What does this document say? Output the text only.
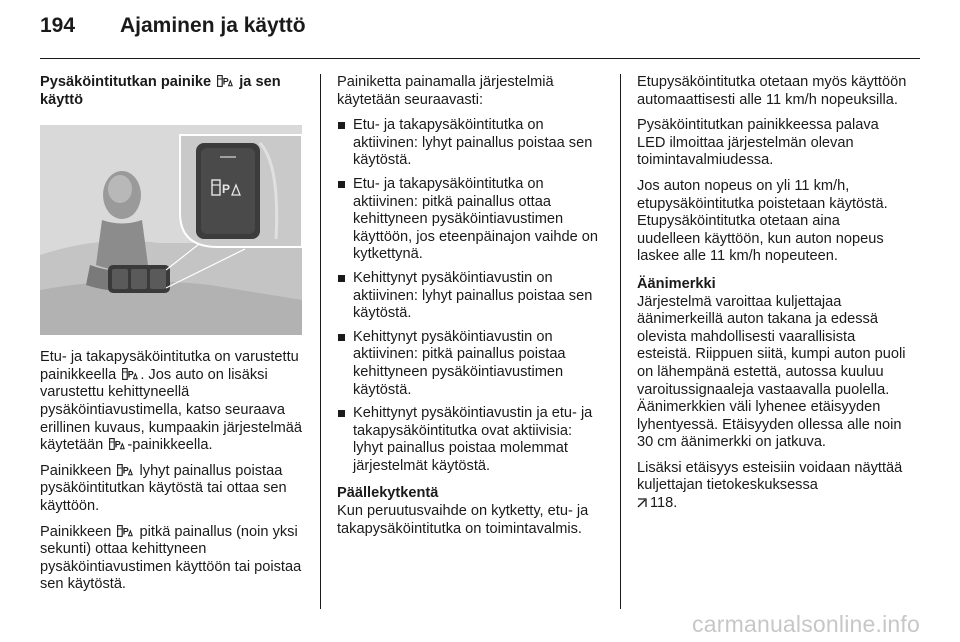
194	Ajaminen ja käyttö
Pysäköintitutkan painike ja sen käyttö
P

Etu- ja takapysäköintitutka on varustettu painikkeella . Jos auto on lisäksi varustettu kehittyneellä pysäköintiavustimella, katso seuraava erillinen kuvaus, kumpaakin järjestelmää käytetään -painikkeella.

Painikkeen lyhyt painallus poistaa pysäköintitutkan käytöstä tai ottaa sen käyttöön.

Painikkeen pitkä painallus (noin yksi sekunti) ottaa kehittyneen pysäköintiavustimen käyttöön tai poistaa sen käytöstä.

Painiketta painamalla järjestelmiä käytetään seuraavasti:

Etu- ja takapysäköintitutka on aktiivinen: lyhyt painallus poistaa sen käytöstä.
Etu- ja takapysäköintitutka on aktiivinen: pitkä painallus ottaa kehittyneen pysäköintiavustimen käyttöön, jos eteenpäinajon vaihde on kytkettynä.
Kehittynyt pysäköintiavustin on aktiivinen: lyhyt painallus poistaa sen käytöstä.
Kehittynyt pysäköintiavustin on aktiivinen: pitkä painallus poistaa kehittyneen pysäköintiavustimen käytöstä.
Kehittynyt pysäköintiavustin ja etu- ja takapysäköintitutka ovat aktiivisia: lyhyt painallus poistaa molemmat järjestelmät käytöstä.
Päällekytkentä

Kun peruutusvaihde on kytketty, etu- ja takapysäköintitutka on toimintavalmis.

Etupysäköintitutka otetaan myös käyttöön automaattisesti alle 11 km/h nopeuksilla.

Pysäköintitutkan painikkeessa palava LED ilmoittaa järjestelmän olevan toimintavalmiudessa.

Jos auton nopeus on yli 11 km/h, etupysäköintitutka poistetaan käytöstä. Etupysäköintitutka otetaan aina uudelleen käyttöön, kun auton nopeus laskee alle 11 km/h nopeuteen.

Äänimerkki

Järjestelmä varoittaa kuljettajaa äänimerkeillä auton takana ja edessä olevista mahdollisesti vaarallisista esteistä. Riippuen siitä, kumpi auton puoli on lähempänä estettä, autossa kuuluu varoitussignaaleja vastaavalla puolella. Äänimerkkien väli lyhenee etäisyyden lyhentyessä. Etäisyyden ollessa alle noin 30 cm äänimerkki on jatkuva.

Lisäksi etäisyys esteisiin voidaan näyttää kuljettajan tietokeskuksessa
118.

carmanualsonline.info
